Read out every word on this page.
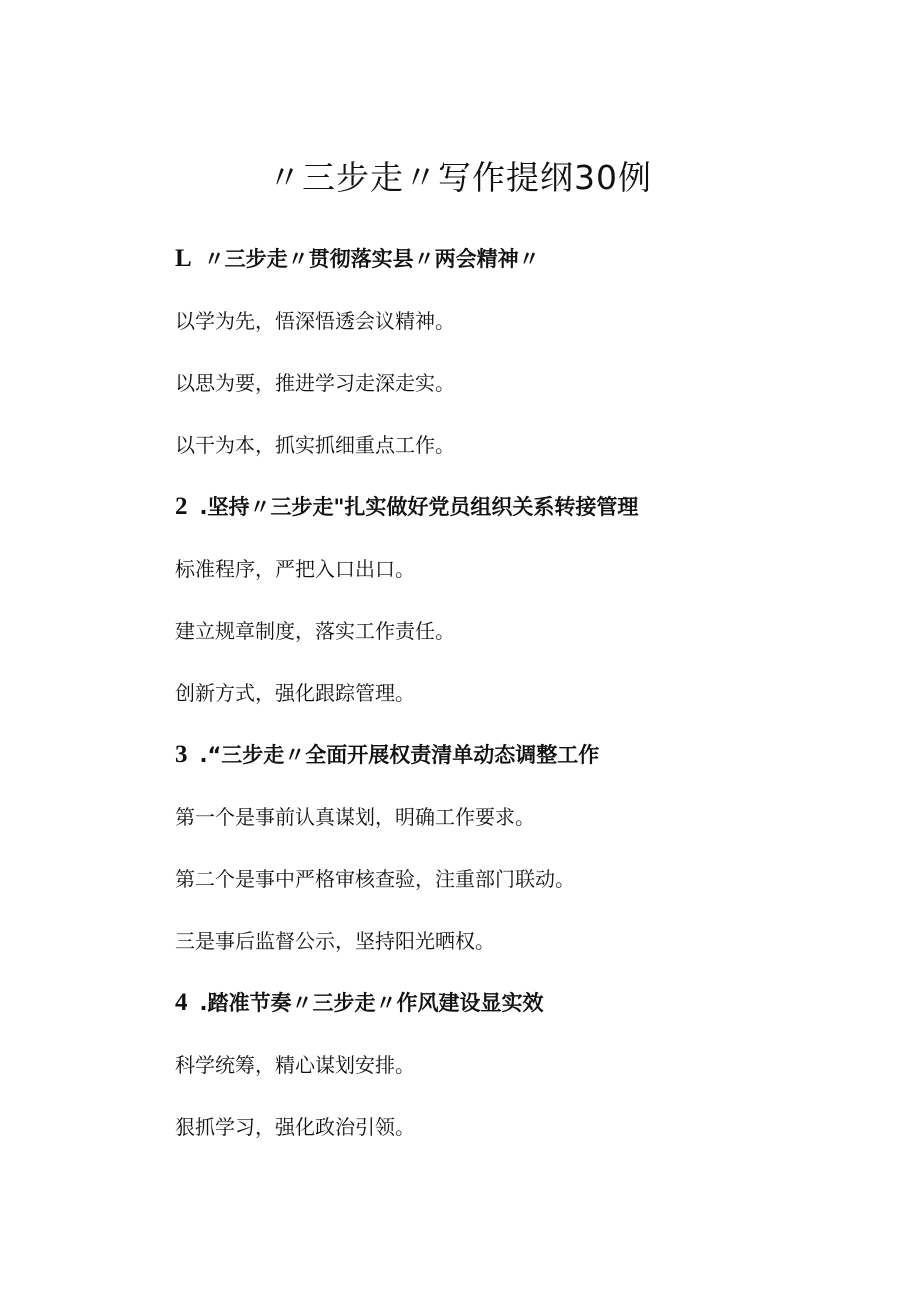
〃三步走〃写作提纲30例

L 〃三步走〃贯彻落实县〃两会精神〃

以学为先，悟深悟透会议精神。

以思为要，推进学习走深走实。

以干为本，抓实抓细重点工作。

2 .坚持〃三步走"扎实做好党员组织关系转接管理

标准程序，严把入口出口。

建立规章制度，落实工作责任。

创新方式，强化跟踪管理。

3 .“三步走〃全面开展权责清单动态调整工作

第一个是事前认真谋划，明确工作要求。

第二个是事中严格审核查验，注重部门联动。

三是事后监督公示，坚持阳光晒权。

4 .踏准节奏〃三步走〃作风建设显实效

科学统筹，精心谋划安排。

狠抓学习，强化政治引领。
